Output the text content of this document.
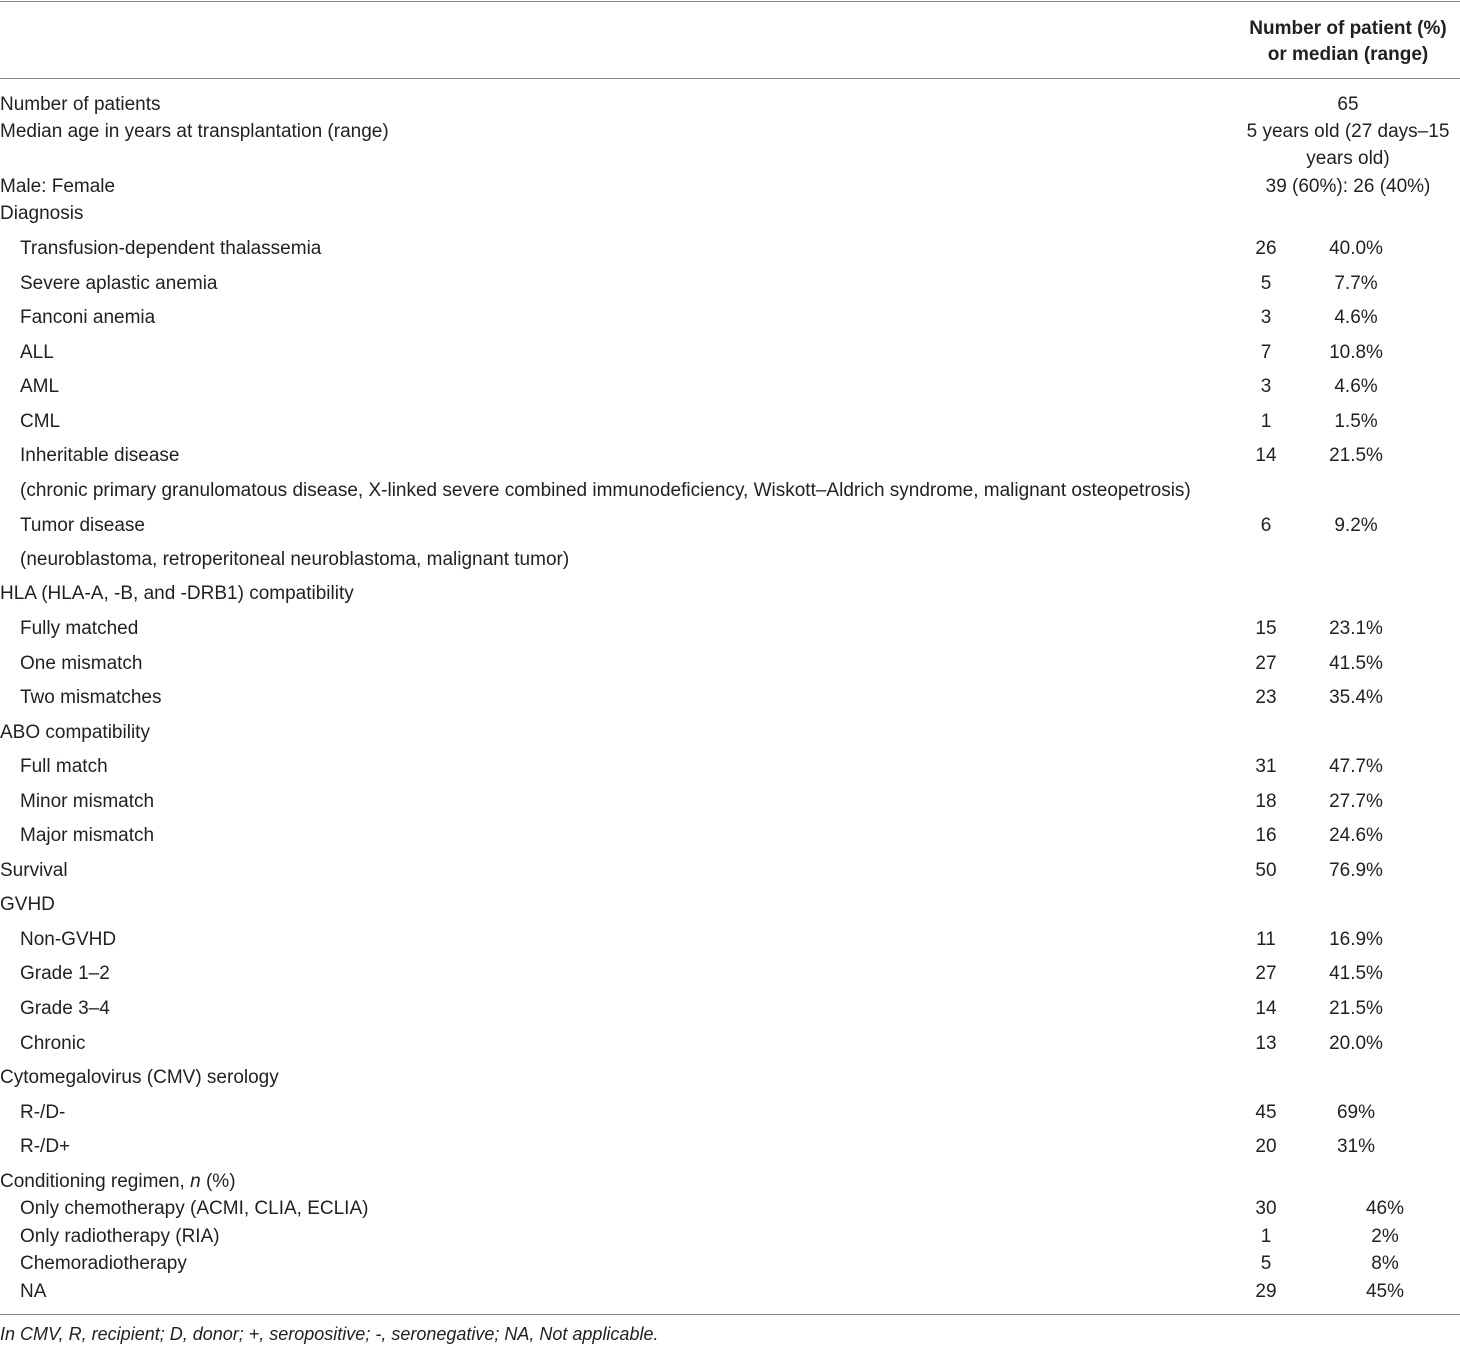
Number of patient (%)
or median (range)
Number of patients	65
Median age in years at transplantation (range)	5 years old (27 days–15 years old)
Male: Female	39 (60%): 26 (40%)
Diagnosis
Transfusion-dependent thalassemia	26	40.0%
Severe aplastic anemia	5	7.7%
Fanconi anemia	3	4.6%
ALL	7	10.8%
AML	3	4.6%
CML	1	1.5%
Inheritable disease	14	21.5%
(chronic primary granulomatous disease, X-linked severe combined immunodeficiency, Wiskott–Aldrich syndrome, malignant osteopetrosis)
Tumor disease	6	9.2%
(neuroblastoma, retroperitoneal neuroblastoma, malignant tumor)
HLA (HLA-A, -B, and -DRB1) compatibility
Fully matched	15	23.1%
One mismatch	27	41.5%
Two mismatches	23	35.4%
ABO compatibility
Full match	31	47.7%
Minor mismatch	18	27.7%
Major mismatch	16	24.6%
Survival	50	76.9%
GVHD
Non-GVHD	11	16.9%
Grade 1–2	27	41.5%
Grade 3–4	14	21.5%
Chronic	13	20.0%
Cytomegalovirus (CMV) serology
R-/D-	45	69%
R-/D+	20	31%
Conditioning regimen, n (%)
Only chemotherapy (ACMI, CLIA, ECLIA)	30	46%
Only radiotherapy (RIA)	1	2%
Chemoradiotherapy	5	8%
NA	29	45%
In CMV, R, recipient; D, donor; +, seropositive; -, seronegative; NA, Not applicable.
